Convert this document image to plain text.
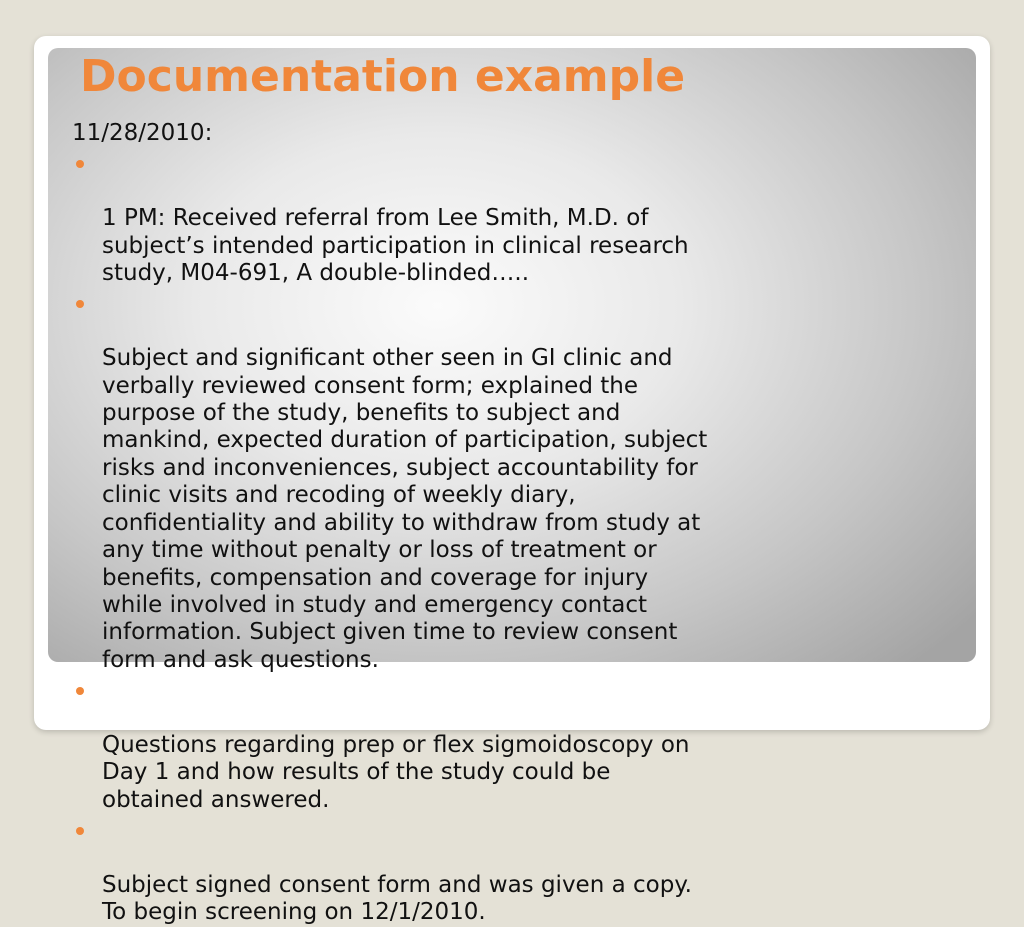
Documentation example

11/28/2010:

1 PM: Received referral from Lee Smith, M.D. of
subject’s intended participation in clinical research
study, M04-691, A double-blinded…..

Subject and significant other seen in GI clinic and
verbally reviewed consent form; explained the
purpose of the study, benefits to subject and
mankind, expected duration of participation, subject
risks and inconveniences, subject accountability for
clinic visits and recoding of weekly diary,
confidentiality and ability to withdraw from study at
any time without penalty or loss of treatment or
benefits, compensation and coverage for injury
while involved in study and emergency contact
information. Subject given time to review consent
form and ask questions.

Questions regarding prep or flex sigmoidoscopy on
Day 1 and how results of the study could be
obtained answered.

Subject signed consent form and was given a copy.
To begin screening on 12/1/2010.
